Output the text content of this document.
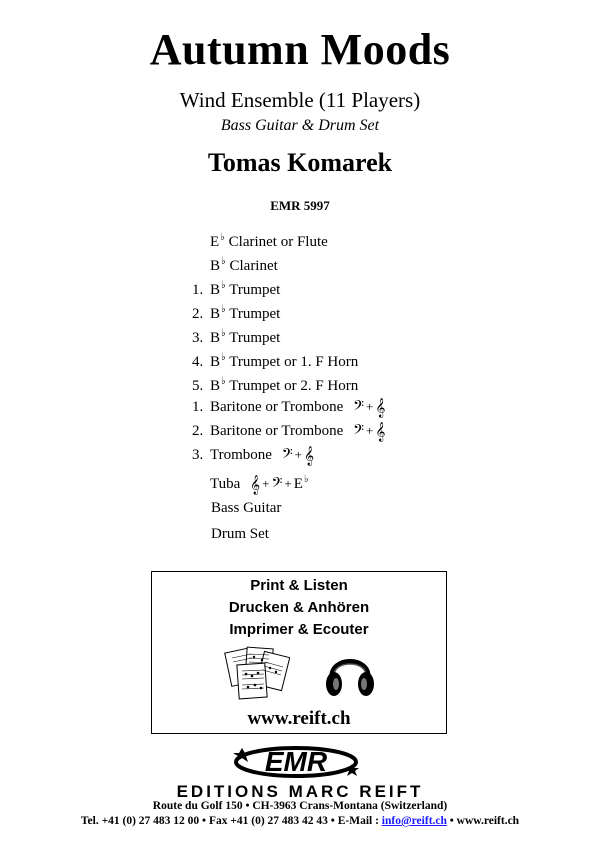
Autumn Moods
Wind Ensemble (11 Players)
Bass Guitar & Drum Set
Tomas Komarek
EMR 5997
E♭ Clarinet or Flute
B♭ Clarinet
1. B♭ Trumpet
2. B♭ Trumpet
3. B♭ Trumpet
4. B♭ Trumpet or 1. F Horn
5. B♭ Trumpet or 2. F Horn
1. Baritone or Trombone 𝄢 + 𝄞
2. Baritone or Trombone 𝄢 + 𝄞
3. Trombone 𝄢 + 𝄞
Tuba 𝄞 + 𝄢 + E♭
Bass Guitar
Drum Set
Print & Listen
Drucken & Anhören
Imprimer & Ecouter
www.reift.ch
EMR
EDITIONS MARC REIFT
Route du Golf 150 • CH-3963 Crans-Montana (Switzerland)
Tel. +41 (0) 27 483 12 00 • Fax +41 (0) 27 483 42 43 • E-Mail : info@reift.ch • www.reift.ch
